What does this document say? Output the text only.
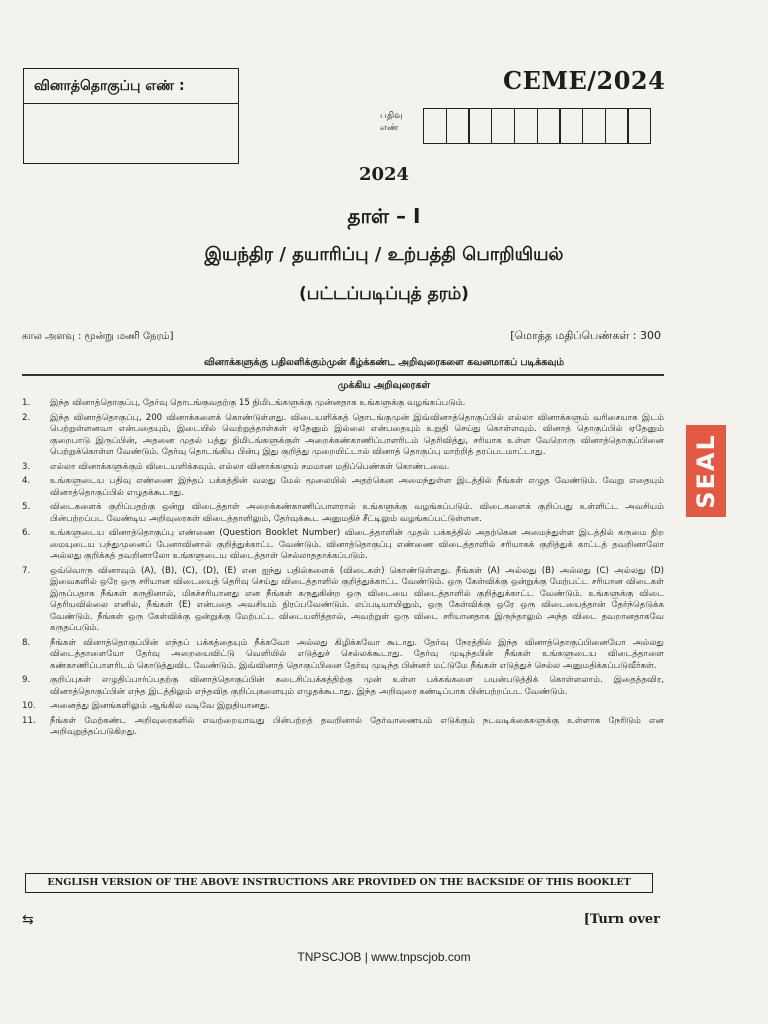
வினாத்தொகுப்பு எண் :	CEME/2024
பதிவு எண்
2024
தாள் – I
இயந்திர / தயாரிப்பு / உற்பத்தி பொறியியல்
(பட்டப்படிப்புத் தரம்)
கால அளவு : மூன்று மணி நேரம்]	[மொத்த மதிப்பெண்கள் : 300
வினாக்களுக்கு பதிலளிக்கும்முன் கீழ்க்கண்ட அறிவுரைகளை கவனமாகப் படிக்கவும்
முக்கிய அறிவுரைகள்
1.	இந்த வினாத்தொகுப்பு, தேர்வு தொடங்குவதற்கு 15 நிமிடங்களுக்கு முன்னதாக உங்களுக்கு வழங்கப்படும்.
2.	இந்த வினாத்தொகுப்பு, 200 வினாக்களைக் கொண்டுள்ளது. விடையளிக்கத் தொடங்குமுன் இவ்வினாத்தொகுப்பில் எல்லா வினாக்களும் வரிசையாக இடம் பெற்றுள்ளனவா என்பதையும், இடையில் வெற்றுத்தாள்கள் ஏதேனும் இல்லை என்பதையும் உறுதி செய்து கொள்ளவும். வினாத் தொகுப்பில் ஏதேனும் குறைபாடு இருப்பின், அதனை முதல் பத்து நிமிடங்களுக்குள் அறைக்கண்காணிப்பாளரிடம் தெரிவித்து, சரியாக உள்ள வேறொரு வினாத்தொகுப்பினை பெற்றுக்கொள்ள வேண்டும். தேர்வு தொடங்கிய பின்பு இது குறித்து முறையிட்டால் வினாத் தொகுப்பு மாற்றித் தரப்படமாட்டாது.
3.	எல்லா வினாக்களுக்கும் விடையளிக்கவும். எல்லா வினாக்களும் சமமான மதிப்பெண்கள் கொண்டவை.
4.	உங்களுடைய பதிவு எண்ணை இந்தப் பக்கத்தின் வலது மேல் மூலையில் அதற்கென அமைந்துள்ள இடத்தில் நீங்கள் எழுத வேண்டும். வேறு எதையும் வினாத்தொகுப்பில் எழுதக்கூடாது.
5.	விடைகளைக் குறிப்பதற்கு ஒன்று விடைத்தாள் அறைக்கண்காணிப்பாளரால் உங்களுக்கு வழங்கப்படும். விடைகளைக் குறிப்பது உள்ளிட்ட அவசியம் பின்பற்றப்பட வேண்டிய அறிவுரைகள் விடைத்தாளிலும், தேர்வுக்கூட அனுமதிச் சீட்டிலும் வழங்கப்பட்டுள்ளன.
6.	உங்களுடைய வினாத்தொகுப்பு எண்ணை (Question Booklet Number) விடைத்தாளின் முதல் பக்கத்தில் அதற்கென அமைந்துள்ள இடத்தில் கருமை நிற மையுடைய பந்துமுனைப் பேனாவினால் குறித்துக்காட்ட வேண்டும். வினாத்தொகுப்பு எண்ணை விடைத்தாளில் சரியாகக் குறித்துக் காட்டத் தவறினாலோ அல்லது குறிக்கத் தவறினாலோ உங்களுடைய விடைத்தாள் செல்லாததாக்கப்படும்.
7.	ஒவ்வொரு வினாவும் (A), (B), (C), (D), (E) என ஐந்து பதில்களைக் (விடைகள்) கொண்டுள்ளது. நீங்கள் (A) அல்லது (B) அல்லது (C) அல்லது (D) இவைகளில் ஒரே ஒரு சரியான விடையைத் தெரிவு செய்து விடைத்தாளில் குறித்துக்காட்ட வேண்டும். ஒரு கேள்விக்கு ஒன்றுக்கு மேற்பட்ட சரியான விடைகள் இருப்பதாக நீங்கள் கருதினால், மிகச்சரியானது என நீங்கள் கருதுகின்ற ஒரு விடையை விடைத்தாளில் குறித்துக்காட்ட வேண்டும். உங்களுக்கு விடை தெரியவில்லை எனில், நீங்கள் (E) என்பதை அவசியம் நிரப்பவேண்டும். எப்படியாயினும், ஒரு கேள்விக்கு ஒரே ஒரு விடையைத்தான் தேர்ந்தெடுக்க வேண்டும். நீங்கள் ஒரு கேள்விக்கு ஒன்றுக்கு மேற்பட்ட விடையளித்தால், அவற்றுள் ஒரு விடை சரியானதாக இருந்தாலும் அந்த விடை தவறானதாகவே கருதப்படும்.
8.	நீங்கள் வினாத்தொகுப்பின் எந்தப் பக்கத்தையும் நீக்கவோ அல்லது கிழிக்கவோ கூடாது. தேர்வு நேரத்தில் இந்த வினாத்தொகுப்பினையோ அல்லது விடைத்தாளையோ தேர்வு அறையைவிட்டு வெளியில் எடுத்துச் செல்லக்கூடாது. தேர்வு முடிந்தபின் நீங்கள் உங்களுடைய விடைத்தாளை கண்காணிப்பாளரிடம் கொடுத்துவிட வேண்டும். இவ்வினாத் தொகுப்பினை தேர்வு முடிந்த பின்னர் மட்டுமே நீங்கள் எடுத்துச் செல்ல அனுமதிக்கப்படுவீர்கள்.
9.	குறிப்புகள் எழுதிப்பார்ப்பதற்கு வினாத்தொகுப்பின் கடைசிப்பக்கத்திற்கு முன் உள்ள பக்கங்களை பயன்படுத்திக் கொள்ளலாம். இதைத்தவிர, வினாத்தொகுப்பின் எந்த இடத்திலும் எந்தவித குறிப்புகளையும் எழுதக்கூடாது. இந்த அறிவுரை கண்டிப்பாக பின்பற்றப்பட வேண்டும்.
10.	அனைத்து இனங்களிலும் ஆங்கில வடிவே இறுதியானது.
11.	நீங்கள் மேற்கண்ட அறிவுரைகளில் எவற்றையாவது பின்பற்றத் தவறினால் தேர்வாணையம் எடுக்கும் நடவடிக்கைகளுக்கு உள்ளாக நேரிடும் என அறிவுறுத்தப்படுகிறது.
ENGLISH VERSION OF THE ABOVE INSTRUCTIONS ARE PROVIDED ON THE BACKSIDE OF THIS BOOKLET
⇆	[Turn over
TNPSCJOB | www.tnpscjob.com
SEAL
